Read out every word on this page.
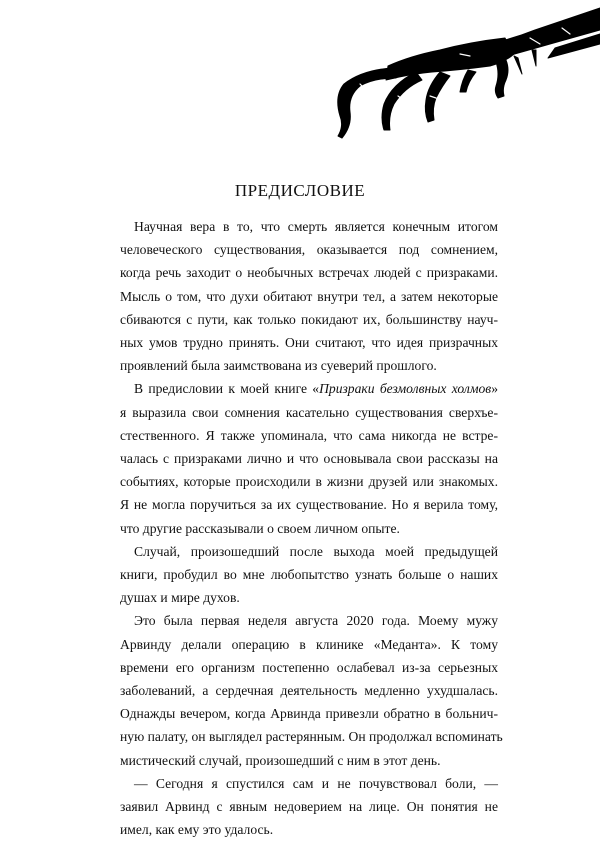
ПРЕДИСЛОВИЕ
Научная вера в то, что смерть является конечным итогом
человеческого существования, оказывается под сомнением,
когда речь заходит о необычных встречах людей с призраками.
Мысль о том, что духи обитают внутри тел, а затем некоторые
сбиваются с пути, как только покидают их, большинству науч-
ных умов трудно принять. Они считают, что идея призрачных
проявлений была заимствована из суеверий прошлого.
В предисловии к моей книге «Призраки безмолвных холмов»
я выразила свои сомнения касательно существования сверхъе-
стественного. Я также упоминала, что сама никогда не встре-
чалась с призраками лично и что основывала свои рассказы на
событиях, которые происходили в жизни друзей или знакомых.
Я не могла поручиться за их существование. Но я верила тому,
что другие рассказывали о своем личном опыте.
Случай, произошедший после выхода моей предыдущей
книги, пробудил во мне любопытство узнать больше о наших
душах и мире духов.
Это была первая неделя августа 2020 года. Моему мужу
Арвинду делали операцию в клинике «Меданта». К тому
времени его организм постепенно ослабевал из-за серьезных
заболеваний, а сердечная деятельность медленно ухудшалась.
Однажды вечером, когда Арвинда привезли обратно в больнич-
ную палату, он выглядел растерянным. Он продолжал вспоминать
мистический случай, произошедший с ним в этот день.
— Сегодня я спустился сам и не почувствовал боли, —
заявил Арвинд с явным недоверием на лице. Он понятия не
имел, как ему это удалось.
